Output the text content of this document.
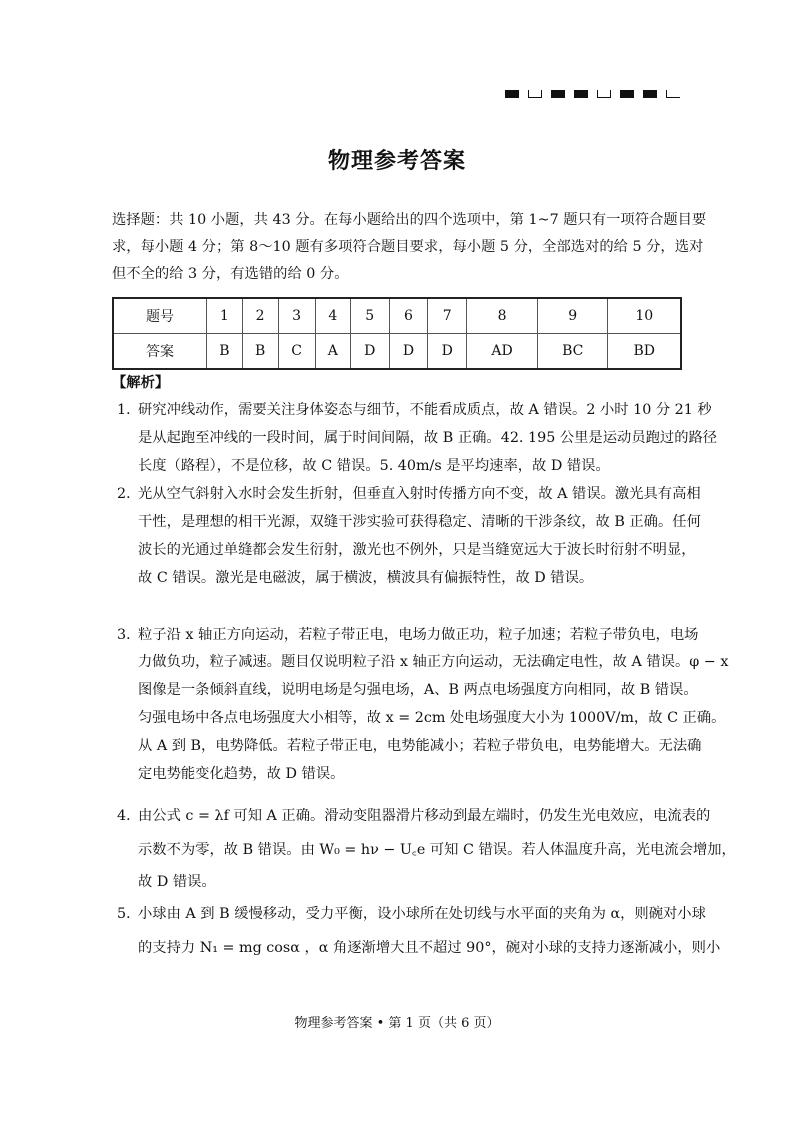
物理参考答案
选择题：共 10 小题，共 43 分。在每小题给出的四个选项中，第 1~7 题只有一项符合题目要
求，每小题 4 分；第 8～10 题有多项符合题目要求，每小题 5 分，全部选对的给 5 分，选对
但不全的给 3 分，有选错的给 0 分。
题号	1	2	3	4	5	6	7	8	9	10
答案	B	B	C	A	D	D	D	AD	BC	BD
【解析】
1．
研究冲线动作，需要关注身体姿态与细节，不能看成质点，故 A 错误。2 小时 10 分 21 秒
是从起跑至冲线的一段时间，属于时间间隔，故 B 正确。42. 195 公里是运动员跑过的路径
长度（路程），不是位移，故 C 错误。5. 40m/s 是平均速率，故 D 错误。
2．
光从空气斜射入水时会发生折射，但垂直入射时传播方向不变，故 A 错误。激光具有高相
干性，是理想的相干光源，双缝干涉实验可获得稳定、清晰的干涉条纹，故 B 正确。任何
波长的光通过单缝都会发生衍射，激光也不例外，只是当缝宽远大于波长时衍射不明显，
故 C 错误。激光是电磁波，属于横波，横波具有偏振特性，故 D 错误。
3．
粒子沿 x 轴正方向运动，若粒子带正电，电场力做正功，粒子加速；若粒子带负电，电场
力做负功，粒子减速。题目仅说明粒子沿 x 轴正方向运动，无法确定电性，故 A 错误。φ − x
图像是一条倾斜直线，说明电场是匀强电场，A、B 两点电场强度方向相同，故 B 错误。
匀强电场中各点电场强度大小相等，故 x = 2cm 处电场强度大小为 1000V/m，故 C 正确。
从 A 到 B，电势降低。若粒子带正电，电势能减小；若粒子带负电，电势能增大。无法确
定电势能变化趋势，故 D 错误。
4．
由公式 c = λf 可知 A 正确。滑动变阻器滑片移动到最左端时，仍发生光电效应，电流表的
示数不为零，故 B 错误。由 W₀ = hν − U꜀e 可知 C 错误。若人体温度升高，光电流会增加，
故 D 错误。
5．
小球由 A 到 B 缓慢移动，受力平衡，设小球所在处切线与水平面的夹角为 α，则碗对小球
的支持力 N₁ = mg cosα ，α 角逐渐增大且不超过 90°，碗对小球的支持力逐渐减小，则小
物理参考答案 • 第 1 页（共 6 页）
